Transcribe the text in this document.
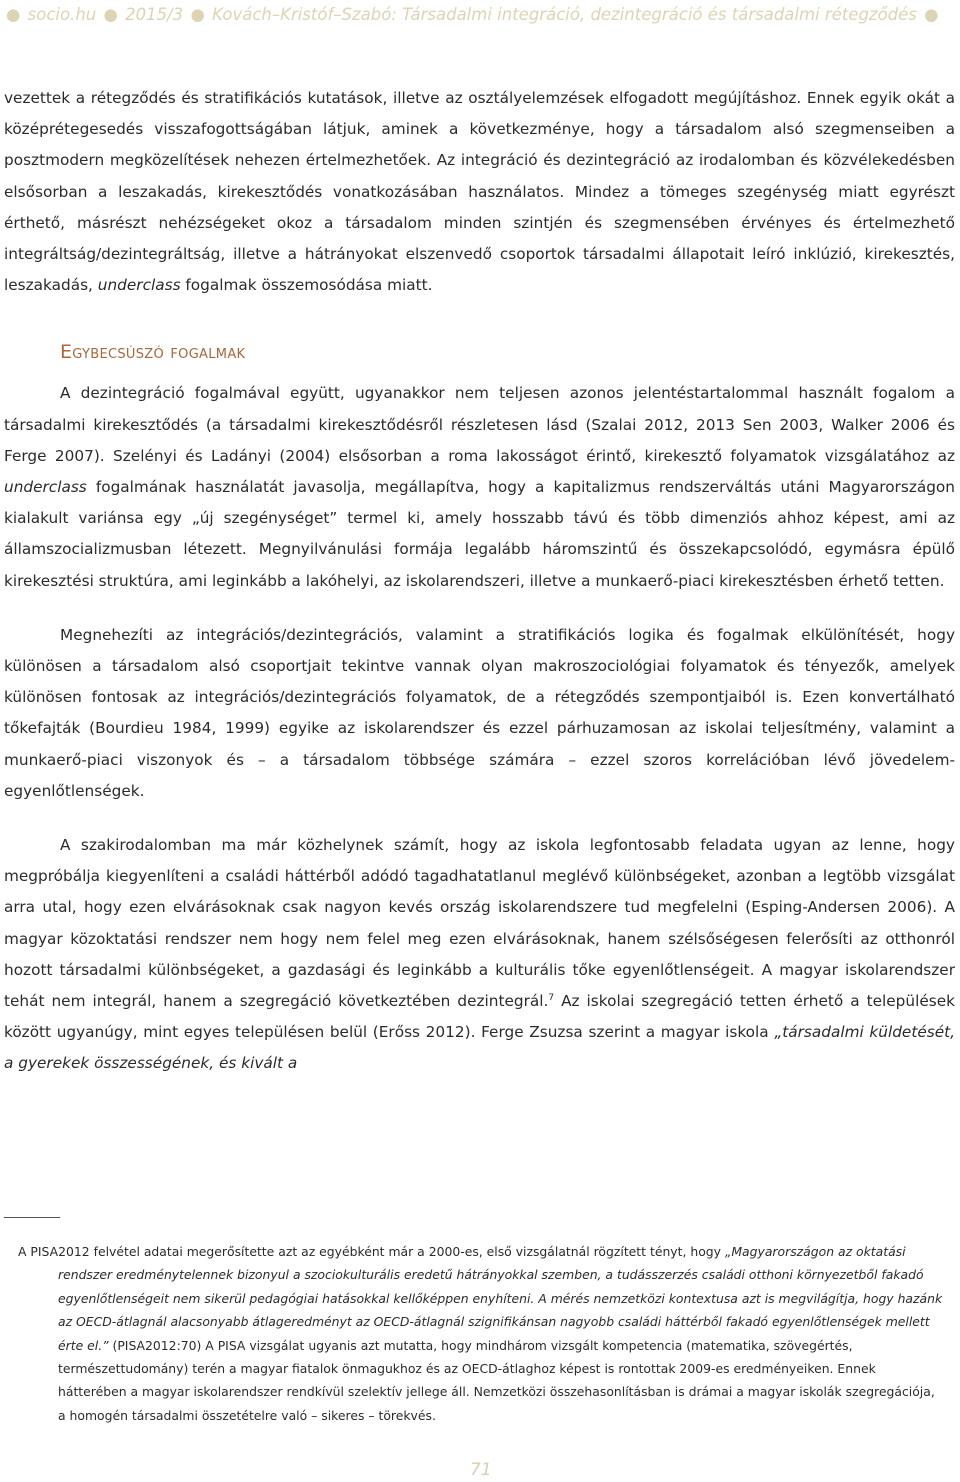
● socio.hu ● 2015/3 ● Kovách–Kristóf–Szabó: Társadalmi integráció, dezintegráció és társadalmi rétegződés ●

vezettek a rétegződés és stratifikációs kutatások, illetve az osztályelemzések elfogadott megújításhoz. Ennek egyik okát a középrétegesedés visszafogottságában látjuk, aminek a következménye, hogy a társadalom alsó szegmenseiben a posztmodern megközelítések nehezen értelmezhetőek. Az integráció és dezintegráció az irodalomban és közvélekedésben elsősorban a leszakadás, kirekesztődés vonatkozásában használatos. Mindez a tömeges szegénység miatt egyrészt érthető, másrészt nehézségeket okoz a társadalom minden szintjén és szegmensében érvényes és értelmezhető integráltság/dezintegráltság, illetve a hátrányokat elszenvedő csoportok társadalmi állapotait leíró inklúzió, kirekesztés, leszakadás, underclass fogalmak összemosódása miatt.

Egybecsúszó fogalmak

A dezintegráció fogalmával együtt, ugyanakkor nem teljesen azonos jelentéstartalommal használt fogalom a társadalmi kirekesztődés (a társadalmi kirekesztődésről részletesen lásd (Szalai 2012, 2013 Sen 2003, Walker 2006 és Ferge 2007). Szelényi és Ladányi (2004) elsősorban a roma lakosságot érintő, kirekesztő folyamatok vizsgálatához az underclass fogalmának használatát javasolja, megállapítva, hogy a kapitalizmus rendszerváltás utáni Magyarországon kialakult variánsa egy „új szegénységet” termel ki, amely hosszabb távú és több dimenziós ahhoz képest, ami az államszocializmusban létezett. Megnyilvánulási formája legalább háromszintű és összekapcsolódó, egymásra épülő kirekesztési struktúra, ami leginkább a lakóhelyi, az iskolarendszeri, illetve a munkaerő-piaci kirekesztésben érhető tetten.

Megnehezíti az integrációs/dezintegrációs, valamint a stratifikációs logika és fogalmak elkülönítését, hogy különösen a társadalom alsó csoportjait tekintve vannak olyan makroszociológiai folyamatok és tényezők, amelyek különösen fontosak az integrációs/dezintegrációs folyamatok, de a rétegződés szempontjaiból is. Ezen konvertálható tőkefajták (Bourdieu 1984, 1999) egyike az iskolarendszer és ezzel párhuzamosan az iskolai teljesítmény, valamint a munkaerő-piaci viszonyok és – a társadalom többsége számára – ezzel szoros korrelációban lévő jövedelem-egyenlőtlenségek.

A szakirodalomban ma már közhelynek számít, hogy az iskola legfontosabb feladata ugyan az lenne, hogy megpróbálja kiegyenlíteni a családi háttérből adódó tagadhatatlanul meglévő különbségeket, azonban a legtöbb vizsgálat arra utal, hogy ezen elvárásoknak csak nagyon kevés ország iskolarendszere tud megfelelni (Esping-Andersen 2006). A magyar közoktatási rendszer nem hogy nem felel meg ezen elvárásoknak, hanem szélsőségesen felerősíti az otthonról hozott társadalmi különbségeket, a gazdasági és leginkább a kulturális tőke egyenlőtlenségeit. A magyar iskolarendszer tehát nem integrál, hanem a szegregáció következtében dezintegrál.$^7$ Az iskolai szegregáció tetten érhető a települések között ugyanúgy, mint egyes településen belül (Erőss 2012). Ferge Zsuzsa szerint a magyar iskola „társadalmi küldetését, a gyerekek összességének, és kivált a

A PISA2012 felvétel adatai megerősítette azt az egyébként már a 2000-es, első vizsgálatnál rögzített tényt, hogy „Magyarországon az oktatási rendszer eredménytelennek bizonyul a szociokulturális eredetű hátrányokkal szemben, a tudásszerzés családi otthoni környezetből fakadó egyenlőtlenségeit nem sikerül pedagógiai hatásokkal kellőképpen enyhíteni. A mérés nemzetközi kontextusa azt is megvilágítja, hogy hazánk az OECD-átlagnál alacsonyabb átlageredményt az OECD-átlagnál szignifikánsan nagyobb családi háttérből fakadó egyenlőtlenségek mellett érte el.” (PISA2012:70) A PISA vizsgálat ugyanis azt mutatta, hogy mindhárom vizsgált kompetencia (matematika, szövegértés, természettudomány) terén a magyar fiatalok önmagukhoz és az OECD-átlaghoz képest is rontottak 2009-es eredményeiken. Ennek hátterében a magyar iskolarendszer rendkívül szelektív jellege áll. Nemzetközi összehasonlításban is drámai a magyar iskolák szegregációja, a homogén társadalmi összetételre való – sikeres – törekvés.
71
